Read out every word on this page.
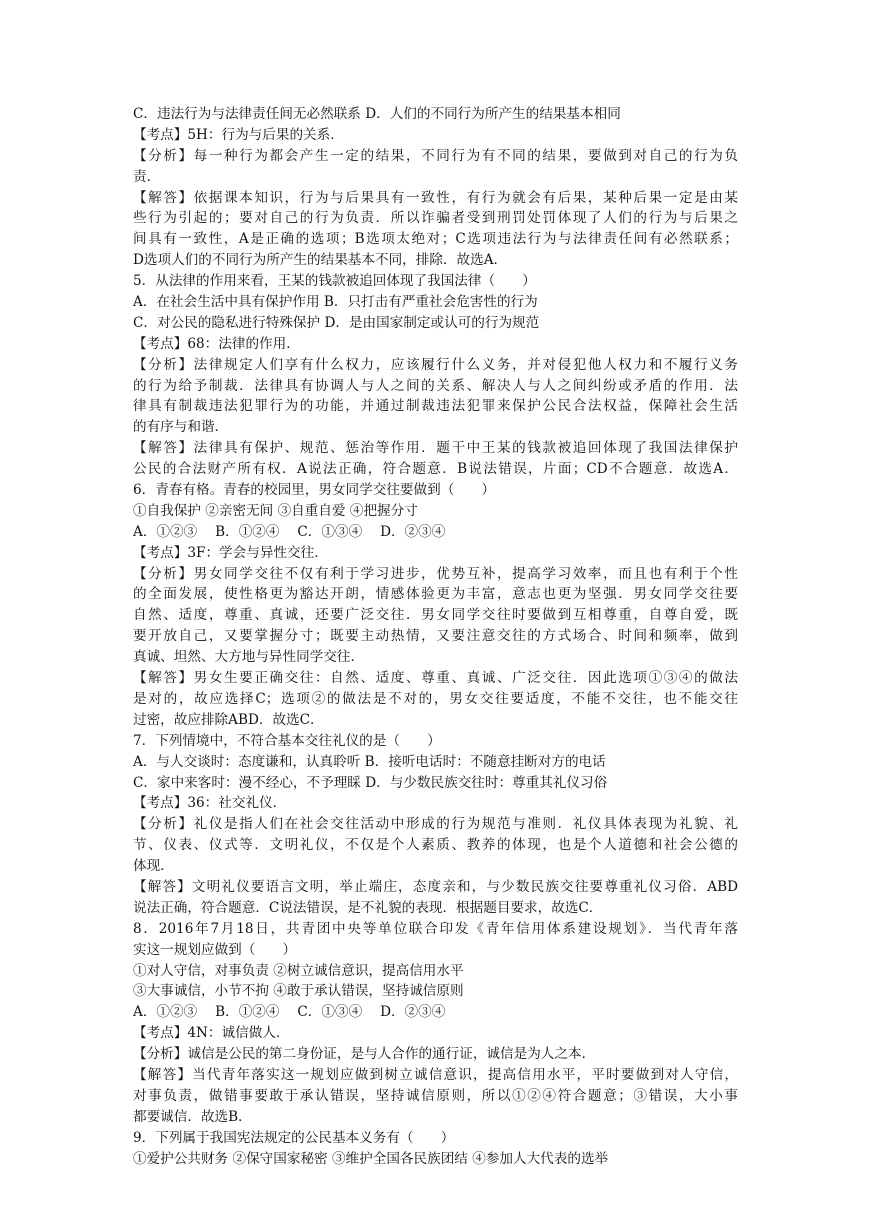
C．违法行为与法律责任间无必然联系 D．人们的不同行为所产生的结果基本相同
【考点】5H：行为与后果的关系．
【分析】每一种行为都会产生一定的结果，不同行为有不同的结果，要做到对自己的行为负
责．
【解答】依据课本知识，行为与后果具有一致性，有行为就会有后果，某种后果一定是由某
些行为引起的；要对自己的行为负责．所以诈骗者受到刑罚处罚体现了人们的行为与后果之
间具有一致性，A是正确的选项；B选项太绝对；C选项违法行为与法律责任间有必然联系；
D选项人们的不同行为所产生的结果基本不同，排除．故选A．
5．从法律的作用来看，王某的钱款被追回体现了我国法律（　　）
A．在社会生活中具有保护作用 B．只打击有严重社会危害性的行为
C．对公民的隐私进行特殊保护 D．是由国家制定或认可的行为规范
【考点】68：法律的作用．
【分析】法律规定人们享有什么权力，应该履行什么义务，并对侵犯他人权力和不履行义务
的行为给予制裁．法律具有协调人与人之间的关系、解决人与人之间纠纷或矛盾的作用．法
律具有制裁违法犯罪行为的功能，并通过制裁违法犯罪来保护公民合法权益，保障社会生活
的有序与和谐．
【解答】法律具有保护、规范、惩治等作用．题干中王某的钱款被追回体现了我国法律保护
公民的合法财产所有权．A说法正确，符合题意．B说法错误，片面；CD不合题意．故选A．
6．青春有格。青春的校园里，男女同学交往要做到（　　）
①自我保护 ②亲密无间 ③自重自爱 ④把握分寸
A．①②③　 B．①②④　 C．①③④　 D．②③④
【考点】3F：学会与异性交往．
【分析】男女同学交往不仅有利于学习进步，优势互补，提高学习效率，而且也有利于个性
的全面发展，使性格更为豁达开朗，情感体验更为丰富，意志也更为坚强．男女同学交往要
自然、适度，尊重、真诚，还要广泛交往．男女同学交往时要做到互相尊重，自尊自爱，既
要开放自己，又要掌握分寸；既要主动热情，又要注意交往的方式场合、时间和频率，做到
真诚、坦然、大方地与异性同学交往．
【解答】男女生要正确交往：自然、适度、尊重、真诚、广泛交往．因此选项①③④的做法
是对的，故应选择C；选项②的做法是不对的，男女交往要适度，不能不交往，也不能交往
过密，故应排除ABD．故选C．
7．下列情境中，不符合基本交往礼仪的是（　　）
A．与人交谈时：态度谦和，认真聆听 B．接听电话时：不随意挂断对方的电话
C．家中来客时：漫不经心，不予理睬 D．与少数民族交往时：尊重其礼仪习俗
【考点】36：社交礼仪．
【分析】礼仪是指人们在社会交往活动中形成的行为规范与准则．礼仪具体表现为礼貌、礼
节、仪表、仪式等．文明礼仪，不仅是个人素质、教养的体现，也是个人道德和社会公德的
体现．
【解答】文明礼仪要语言文明，举止端庄，态度亲和，与少数民族交往要尊重礼仪习俗．ABD
说法正确，符合题意．C说法错误，是不礼貌的表现．根据题目要求，故选C．
8．2016年7月18日，共青团中央等单位联合印发《青年信用体系建设规划》．当代青年落
实这一规划应做到（　　）
①对人守信，对事负责 ②树立诚信意识，提高信用水平
③大事诚信，小节不拘 ④敢于承认错误，坚持诚信原则
A．①②③　 B．①②④　 C．①③④　 D．②③④
【考点】4N：诚信做人．
【分析】诚信是公民的第二身份证，是与人合作的通行证，诚信是为人之本．
【解答】当代青年落实这一规划应做到树立诚信意识，提高信用水平，平时要做到对人守信，
对事负责，做错事要敢于承认错误，坚持诚信原则，所以①②④符合题意；③错误，大小事
都要诚信．故选B．
9．下列属于我国宪法规定的公民基本义务有（　　）
①爱护公共财务 ②保守国家秘密 ③维护全国各民族团结 ④参加人大代表的选举
